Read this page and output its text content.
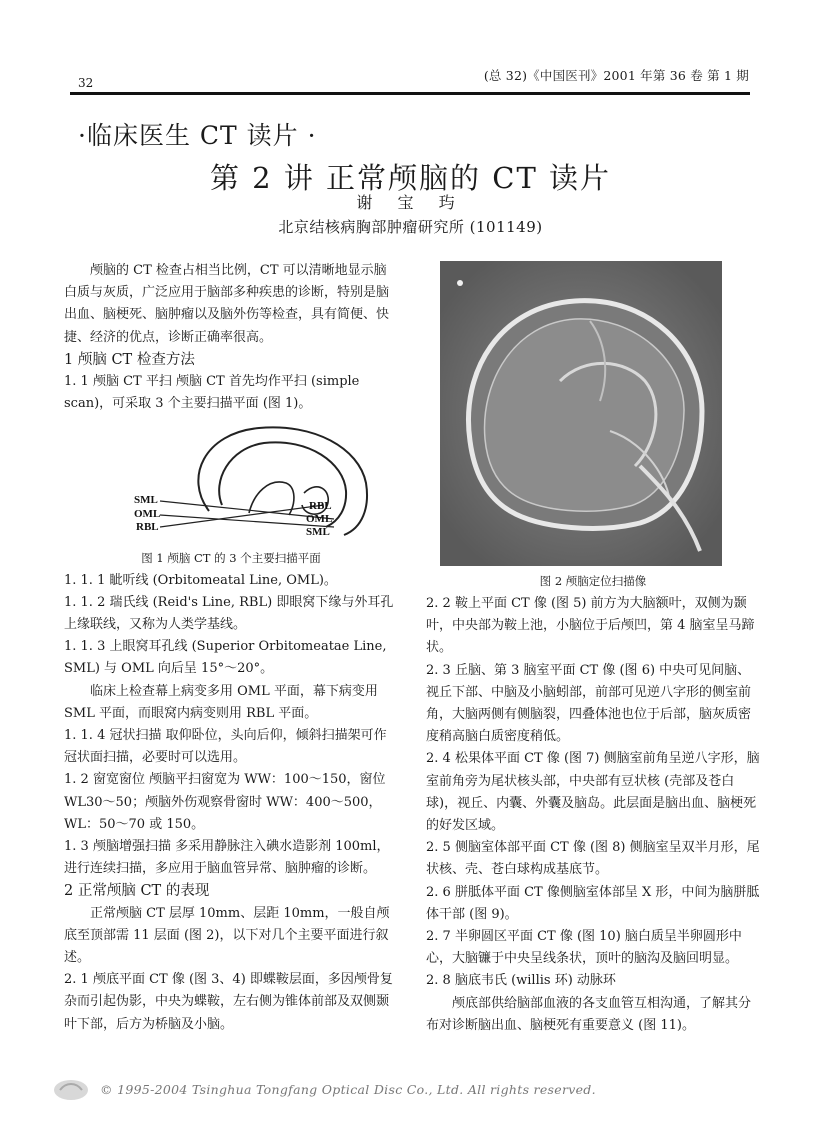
32	(总 32)《中国医刊》2001 年第 36 卷 第 1 期
·临床医生 CT 读片 ·
第 2 讲 正常颅脑的 CT 读片
谢 宝 玙
北京结核病胸部肿瘤研究所 (101149)

颅脑的 CT 检查占相当比例，CT 可以清晰地显示脑白质与灰质，广泛应用于脑部多种疾患的诊断，特别是脑出血、脑梗死、脑肿瘤以及脑外伤等检查，具有简便、快捷、经济的优点，诊断正确率很高。

1 颅脑 CT 检查方法

1. 1 颅脑 CT 平扫 颅脑 CT 首先均作平扫 (simple scan)，可采取 3 个主要扫描平面 (图 1)。

SML
OML
RBL
RBL
OML
SML

图 1 颅脑 CT 的 3 个主要扫描平面

1. 1. 1 眦听线 (Orbitomeatal Line, OML)。

1. 1. 2 瑞氏线 (Reid's Line, RBL) 即眼窝下缘与外耳孔上缘联线，又称为人类学基线。

1. 1. 3 上眼窝耳孔线 (Superior Orbitomeatae Line, SML) 与 OML 向后呈 15°～20°。

临床上检查幕上病变多用 OML 平面，幕下病变用 SML 平面，而眼窝内病变则用 RBL 平面。

1. 1. 4 冠状扫描 取仰卧位，头向后仰，倾斜扫描架可作冠状面扫描，必要时可以选用。

1. 2 窗宽窗位 颅脑平扫窗宽为 WW：100～150，窗位 WL30～50；颅脑外伤观察骨窗时 WW：400～500，WL：50～70 或 150。

1. 3 颅脑增强扫描 多采用静脉注入碘水造影剂 100ml，进行连续扫描，多应用于脑血管异常、脑肿瘤的诊断。

2 正常颅脑 CT 的表现

正常颅脑 CT 层厚 10mm、层距 10mm，一般自颅底至顶部需 11 层面 (图 2)，以下对几个主要平面进行叙述。

2. 1 颅底平面 CT 像 (图 3、4) 即蝶鞍层面，多因颅骨复杂而引起伪影，中央为蝶鞍，左右侧为锥体前部及双侧颞叶下部，后方为桥脑及小脑。

图 2 颅脑定位扫描像

2. 2 鞍上平面 CT 像 (图 5) 前方为大脑额叶，双侧为颞叶，中央部为鞍上池，小脑位于后颅凹，第 4 脑室呈马蹄状。

2. 3 丘脑、第 3 脑室平面 CT 像 (图 6) 中央可见间脑、视丘下部、中脑及小脑蚓部，前部可见逆八字形的侧室前角，大脑两侧有侧脑裂，四叠体池也位于后部，脑灰质密度稍高脑白质密度稍低。

2. 4 松果体平面 CT 像 (图 7) 侧脑室前角呈逆八字形，脑室前角旁为尾状核头部，中央部有豆状核 (壳部及苍白球)，视丘、内囊、外囊及脑岛。此层面是脑出血、脑梗死的好发区域。

2. 5 侧脑室体部平面 CT 像 (图 8) 侧脑室呈双半月形，尾状核、壳、苍白球构成基底节。

2. 6 胼胝体平面 CT 像侧脑室体部呈 X 形，中间为脑胼胝体干部 (图 9)。

2. 7 半卵圆区平面 CT 像 (图 10) 脑白质呈半卵圆形中心，大脑镰于中央呈线条状，顶叶的脑沟及脑回明显。

2. 8 脑底韦氏 (willis 环) 动脉环

颅底部供给脑部血液的各支血管互相沟通，了解其分布对诊断脑出血、脑梗死有重要意义 (图 11)。

© 1995-2004 Tsinghua Tongfang Optical Disc Co., Ltd. All rights reserved.
